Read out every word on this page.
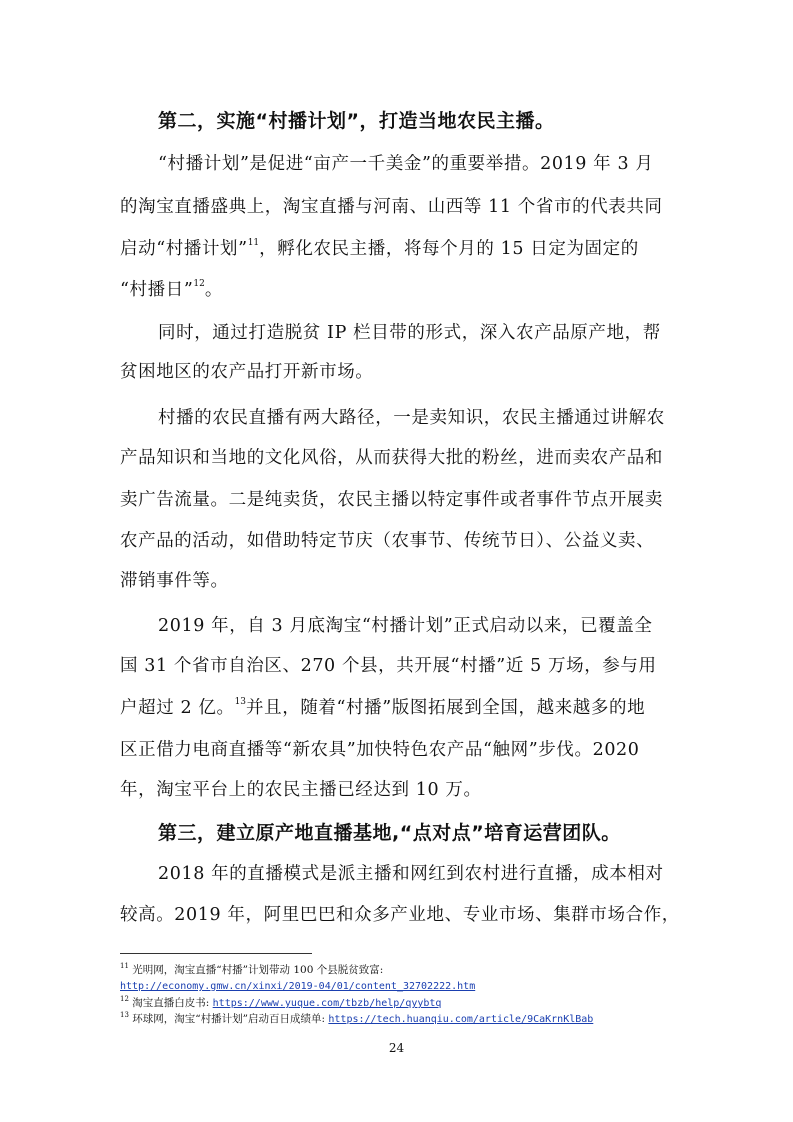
第二，实施“村播计划”，打造当地农民主播。
“村播计划”是促进“亩产一千美金”的重要举措。2019 年 3 月
的淘宝直播盛典上，淘宝直播与河南、山西等 11 个省市的代表共同
启动“村播计划”$^{11}$，孵化农民主播，将每个月的 15 日定为固定的
“村播日”$^{12}$。
同时，通过打造脱贫 IP 栏目带的形式，深入农产品原产地，帮
贫困地区的农产品打开新市场。
村播的农民直播有两大路径，一是卖知识，农民主播通过讲解农
产品知识和当地的文化风俗，从而获得大批的粉丝，进而卖农产品和
卖广告流量。二是纯卖货，农民主播以特定事件或者事件节点开展卖
农产品的活动，如借助特定节庆（农事节、传统节日）、公益义卖、
滞销事件等。
2019 年，自 3 月底淘宝“村播计划”正式启动以来，已覆盖全
国 31 个省市自治区、270 个县，共开展“村播”近 5 万场，参与用
户超过 2 亿。$^{13}$并且，随着“村播”版图拓展到全国，越来越多的地
区正借力电商直播等“新农具”加快特色农产品“触网”步伐。2020
年，淘宝平台上的农民主播已经达到 10 万。
第三，建立原产地直播基地,“点对点”培育运营团队。
2018 年的直播模式是派主播和网红到农村进行直播，成本相对
较高。2019 年，阿里巴巴和众多产业地、专业市场、集群市场合作，
$^{11}$ 光明网，淘宝直播“村播”计划带动 100 个县脱贫致富:
http://economy.gmw.cn/xinxi/2019-04/01/content_32702222.htm
$^{12}$ 淘宝直播白皮书: https://www.yuque.com/tbzb/help/qyybtq
$^{13}$ 环球网，淘宝“村播计划”启动百日成绩单: https://tech.huanqiu.com/article/9CaKrnKlBab
24
